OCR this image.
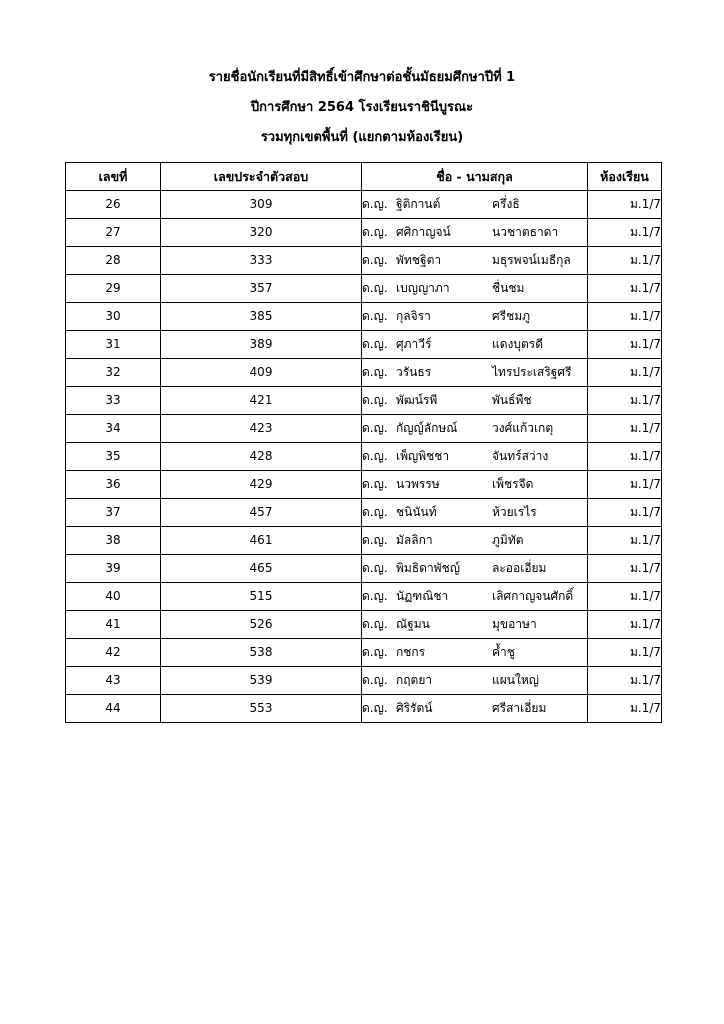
รายชื่อนักเรียนที่มีสิทธิ์เข้าศึกษาต่อชั้นมัธยมศึกษาปีที่ 1
ปีการศึกษา 2564 โรงเรียนราชินีบูรณะ
รวมทุกเขตพื้นที่ (แยกตามห้องเรียน)
เลขที่	เลขประจำตัวสอบ	ชื่อ - นามสกุล	ห้องเรียน
26	309	ด.ญ. ฐิติกานต์ ครึ่งธิ	ม.1/7
27	320	ด.ญ. ศศิกาญจน์ นวชาตธาดา	ม.1/7
28	333	ด.ญ. พัทชฐิตา มธุรพจน์เมธีกุล	ม.1/7
29	357	ด.ญ. เบญญาภา ชื่นชม	ม.1/7
30	385	ด.ญ. กุลจิรา ศรีชมภู	ม.1/7
31	389	ด.ญ. ศุภาวีร์ แดงบุตรดี	ม.1/7
32	409	ด.ญ. วรันธร ไทรประเสริฐศรี	ม.1/7
33	421	ด.ญ. พัฒน์รพี พันธ์พืช	ม.1/7
34	423	ด.ญ. กัญญ์ลักษณ์ วงศ์แก้วเกตุ	ม.1/7
35	428	ด.ญ. เพ็ญพิชชา จันทร์สว่าง	ม.1/7
36	429	ด.ญ. นวพรรษ เพ็ชรจีด	ม.1/7
37	457	ด.ญ. ชนินันท์ ห้วยเรไร	ม.1/7
38	461	ด.ญ. มัลลิกา ภูมิทัต	ม.1/7
39	465	ด.ญ. พิมธิดาพัชญ์ ละออเอี่ยม	ม.1/7
40	515	ด.ญ. นัฏฑณิชา เลิศกาญจนศักดิ์	ม.1/7
41	526	ด.ญ. ณัฐมน มุขอาษา	ม.1/7
42	538	ด.ญ. กชกร ค้ำชู	ม.1/7
43	539	ด.ญ. กฤตยา แผนใหญ่	ม.1/7
44	553	ด.ญ. ศิริรัตน์ ศรีสาเอี่ยม	ม.1/7
